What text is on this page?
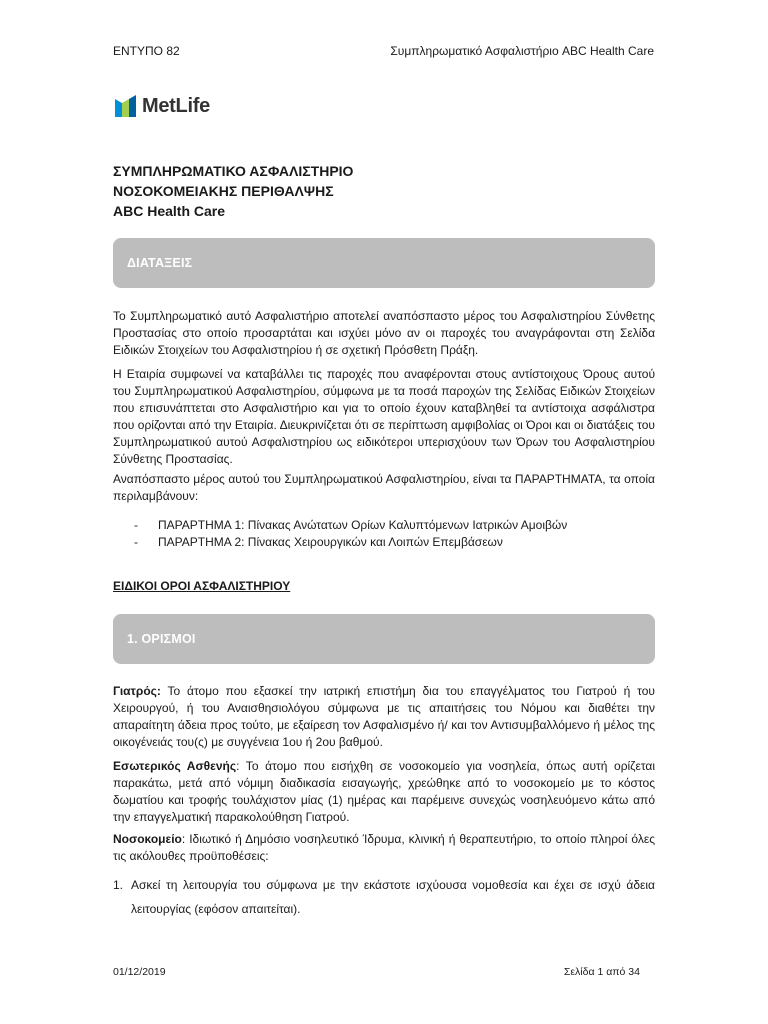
ΕΝΤΥΠΟ 82	Συμπληρωματικό Ασφαλιστήριο ABC Health Care
MetLife
ΣΥΜΠΛΗΡΩΜΑΤΙΚΟ ΑΣΦΑΛΙΣΤΗΡΙΟ
ΝΟΣΟΚΟΜΕΙΑΚΗΣ ΠΕΡΙΘΑΛΨΗΣ
ABC Health Care
ΔΙΑΤΑΞΕΙΣ
Το Συμπληρωματικό αυτό Ασφαλιστήριο αποτελεί αναπόσπαστο μέρος του Ασφαλιστηρίου Σύνθετης Προστασίας στο οποίο προσαρτάται και ισχύει μόνο αν οι παροχές του αναγράφονται στη Σελίδα Ειδικών Στοιχείων του Ασφαλιστηρίου ή σε σχετική Πρόσθετη Πράξη.
Η Εταιρία συμφωνεί να καταβάλλει τις παροχές που αναφέρονται στους αντίστοιχους Όρους αυτού του Συμπληρωματικού Ασφαλιστηρίου, σύμφωνα με τα ποσά παροχών της Σελίδας Ειδικών Στοιχείων που επισυνάπτεται στο Ασφαλιστήριο και για το οποίο έχουν καταβληθεί τα αντίστοιχα ασφάλιστρα που ορίζονται από την Εταιρία. Διευκρινίζεται ότι σε περίπτωση αμφιβολίας οι Όροι και οι διατάξεις του Συμπληρωματικού αυτού Ασφαλιστηρίου ως ειδικότεροι υπερισχύουν των Όρων του Ασφαλιστηρίου Σύνθετης Προστασίας.
Αναπόσπαστο μέρος αυτού του Συμπληρωματικού Ασφαλιστηρίου, είναι τα ΠΑΡΑΡΤΗΜΑΤΑ, τα οποία περιλαμβάνουν:
-	ΠΑΡΑΡΤΗΜΑ 1: Πίνακας Ανώτατων Ορίων Καλυπτόμενων Ιατρικών Αμοιβών
-	ΠΑΡΑΡΤΗΜΑ 2: Πίνακας Χειρουργικών και Λοιπών Επεμβάσεων
ΕΙΔΙΚΟΙ ΟΡΟΙ ΑΣΦΑΛΙΣΤΗΡΙΟΥ
1. ΟΡΙΣΜΟΙ
Γιατρός: Το άτομο που εξασκεί την ιατρική επιστήμη δια του επαγγέλματος του Γιατρού ή του Χειρουργού, ή του Αναισθησιολόγου σύμφωνα με τις απαιτήσεις του Νόμου και διαθέτει την απαραίτητη άδεια προς τούτο, με εξαίρεση τον Ασφαλισμένο ή/ και τον Αντισυμβαλλόμενο ή μέλος της οικογένειάς του(ς) με συγγένεια 1ου ή 2ου βαθμού.
Εσωτερικός Ασθενής: Το άτομο που εισήχθη σε νοσοκομείο για νοσηλεία, όπως αυτή ορίζεται παρακάτω, μετά από νόμιμη διαδικασία εισαγωγής, χρεώθηκε από το νοσοκομείο με το κόστος δωματίου και τροφής τουλάχιστον μίας (1) ημέρας και παρέμεινε συνεχώς νοσηλευόμενο κάτω από την επαγγελματική παρακολούθηση Γιατρού.
Νοσοκομείο: Ιδιωτικό ή Δημόσιο νοσηλευτικό Ίδρυμα, κλινική ή θεραπευτήριο, το οποίο πληροί όλες τις ακόλουθες προϋποθέσεις:
1. Ασκεί τη λειτουργία του σύμφωνα με την εκάστοτε ισχύουσα νομοθεσία και έχει σε ισχύ άδεια λειτουργίας (εφόσον απαιτείται).
01/12/2019	Σελίδα 1 από 34
